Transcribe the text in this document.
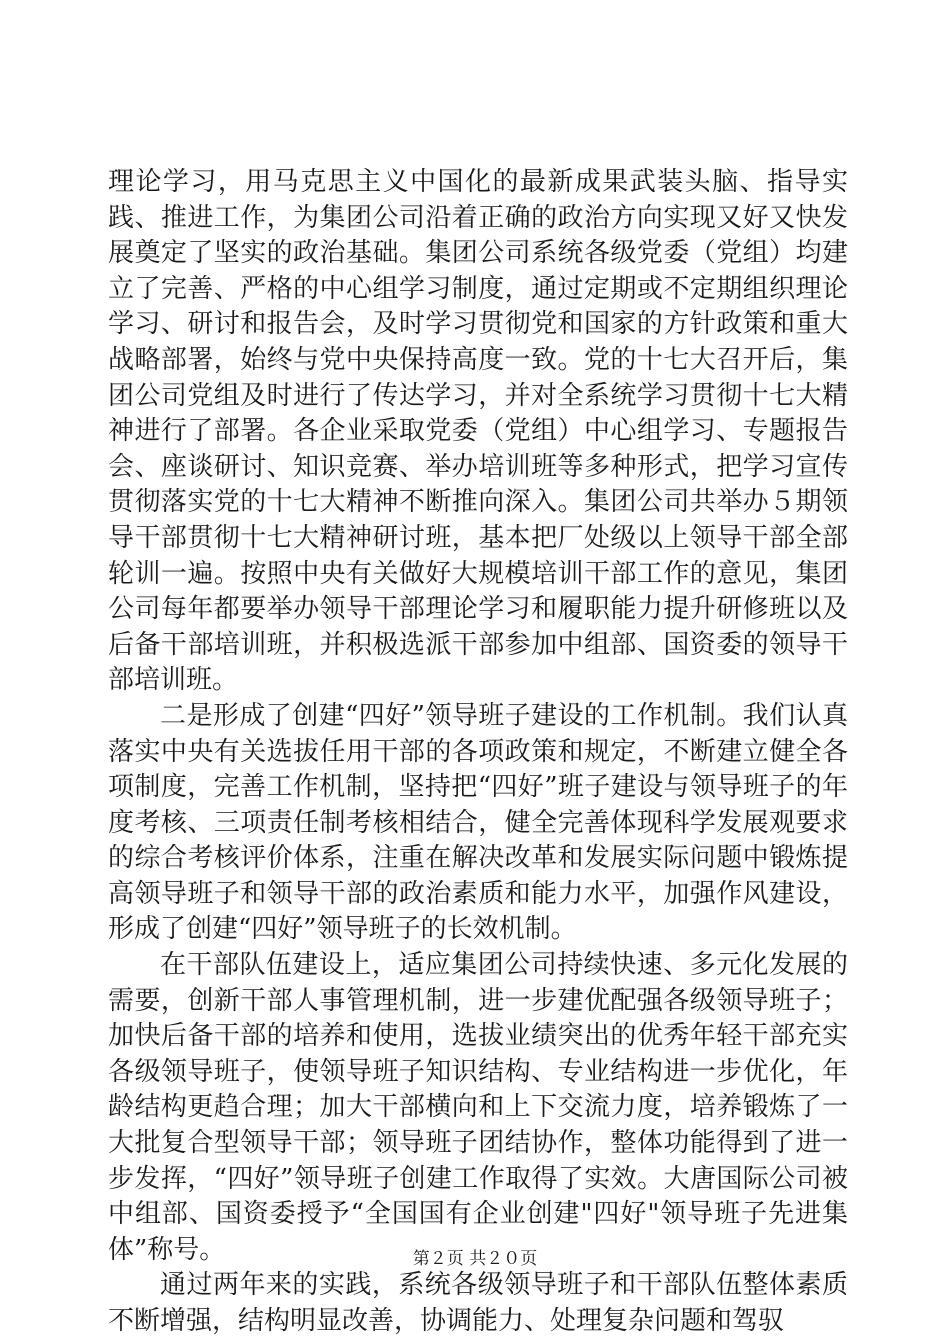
理论学习，用马克思主义中国化的最新成果武装头脑、指导实践、推进工作，为集团公司沿着正确的政治方向实现又好又快发展奠定了坚实的政治基础。集团公司系统各级党委（党组）均建立了完善、严格的中心组学习制度，通过定期或不定期组织理论学习、研讨和报告会，及时学习贯彻党和国家的方针政策和重大战略部署，始终与党中央保持高度一致。党的十七大召开后，集团公司党组及时进行了传达学习，并对全系统学习贯彻十七大精神进行了部署。各企业采取党委（党组）中心组学习、专题报告会、座谈研讨、知识竞赛、举办培训班等多种形式，把学习宣传贯彻落实党的十七大精神不断推向深入。集团公司共举办５期领导干部贯彻十七大精神研讨班，基本把厂处级以上领导干部全部轮训一遍。按照中央有关做好大规模培训干部工作的意见，集团公司每年都要举办领导干部理论学习和履职能力提升研修班以及后备干部培训班，并积极选派干部参加中组部、国资委的领导干部培训班。

二是形成了创建“四好”领导班子建设的工作机制。我们认真落实中央有关选拔任用干部的各项政策和规定，不断建立健全各项制度，完善工作机制，坚持把“四好”班子建设与领导班子的年度考核、三项责任制考核相结合，健全完善体现科学发展观要求的综合考核评价体系，注重在解决改革和发展实际问题中锻炼提高领导班子和领导干部的政治素质和能力水平，加强作风建设，形成了创建“四好”领导班子的长效机制。

在干部队伍建设上，适应集团公司持续快速、多元化发展的需要，创新干部人事管理机制，进一步建优配强各级领导班子；加快后备干部的培养和使用，选拔业绩突出的优秀年轻干部充实各级领导班子，使领导班子知识结构、专业结构进一步优化，年龄结构更趋合理；加大干部横向和上下交流力度，培养锻炼了一大批复合型领导干部；领导班子团结协作，整体功能得到了进一步发挥，“四好”领导班子创建工作取得了实效。大唐国际公司被中组部、国资委授予“全国国有企业创建"四好"领导班子先进集体”称号。

通过两年来的实践，系统各级领导班子和干部队伍整体素质不断增强，结构明显改善，协调能力、处理复杂问题和驾驭

第２页 共２０页
